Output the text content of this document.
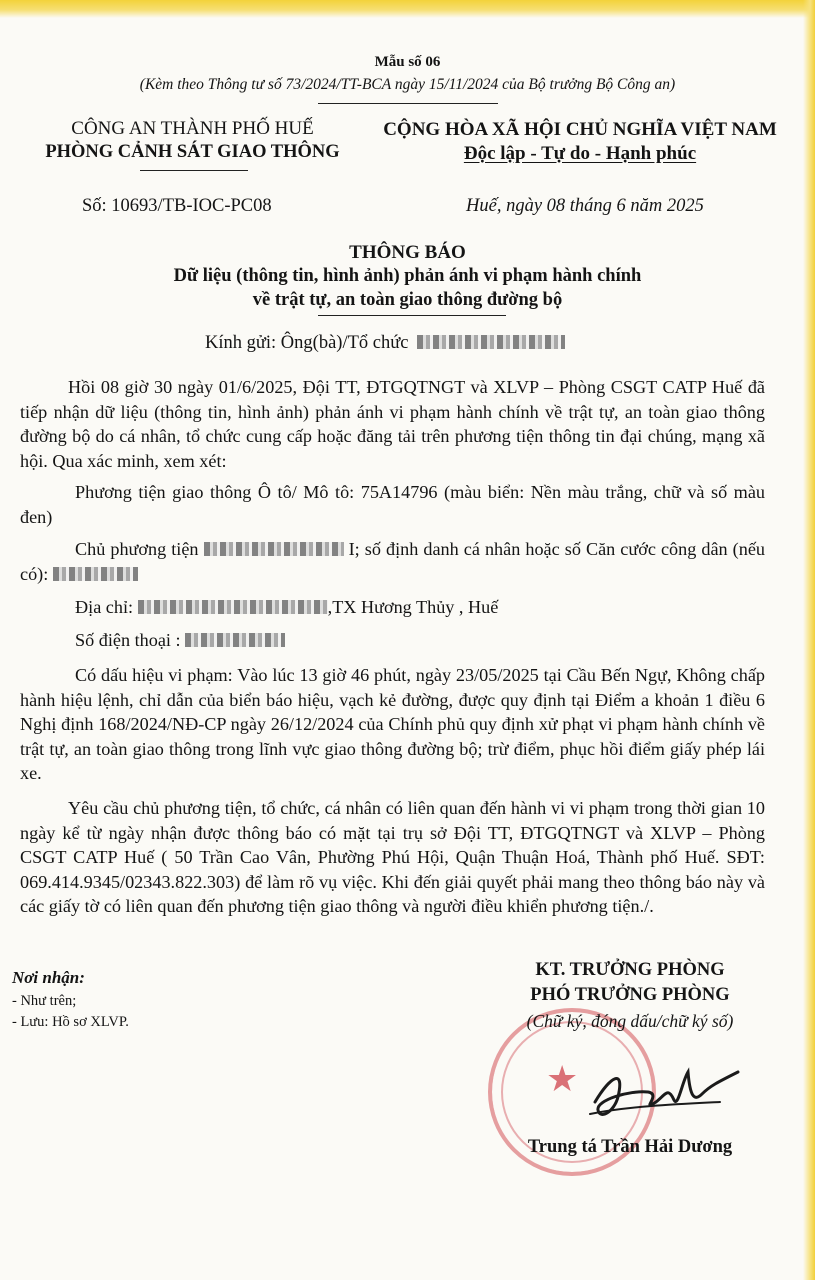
Mẫu số 06
(Kèm theo Thông tư số 73/2024/TT-BCA ngày 15/11/2024 của Bộ trưởng Bộ Công an)
CÔNG AN THÀNH PHỐ HUẾ
PHÒNG CẢNH SÁT GIAO THÔNG
CỘNG HÒA XÃ HỘI CHỦ NGHĨA VIỆT NAM
Độc lập - Tự do - Hạnh phúc
Số: 10693/TB-IOC-PC08	Huế, ngày 08 tháng 6 năm 2025
THÔNG BÁO
Dữ liệu (thông tin, hình ảnh) phản ánh vi phạm hành chính
về trật tự, an toàn giao thông đường bộ
Kính gửi: Ông(bà)/Tổ chức
Hồi 08 giờ 30 ngày 01/6/2025, Đội TT, ĐTGQTNGT và XLVP – Phòng CSGT CATP Huế đã tiếp nhận dữ liệu (thông tin, hình ảnh) phản ánh vi phạm hành chính về trật tự, an toàn giao thông đường bộ do cá nhân, tổ chức cung cấp hoặc đăng tải trên phương tiện thông tin đại chúng, mạng xã hội. Qua xác minh, xem xét:
Phương tiện giao thông Ô tô/ Mô tô: 75A14796 (màu biển: Nền màu trắng, chữ và số màu đen)
Chủ phương tiện	I; số định danh cá nhân hoặc số Căn cước công dân (nếu có):
Địa chỉ:	,TX Hương Thủy , Huế
Số điện thoại :
Có dấu hiệu vi phạm: Vào lúc 13 giờ 46 phút, ngày 23/05/2025 tại Cầu Bến Ngự, Không chấp hành hiệu lệnh, chỉ dẫn của biển báo hiệu, vạch kẻ đường, được quy định tại Điểm a khoản 1 điều 6 Nghị định 168/2024/NĐ-CP ngày 26/12/2024 của Chính phủ quy định xử phạt vi phạm hành chính về trật tự, an toàn giao thông trong lĩnh vực giao thông đường bộ; trừ điểm, phục hồi điểm giấy phép lái xe.
Yêu cầu chủ phương tiện, tổ chức, cá nhân có liên quan đến hành vi vi phạm trong thời gian 10 ngày kể từ ngày nhận được thông báo có mặt tại trụ sở Đội TT, ĐTGQTNGT và XLVP – Phòng CSGT CATP Huế ( 50 Trần Cao Vân, Phường Phú Hội, Quận Thuận Hoá, Thành phố Huế. SĐT: 069.414.9345/02343.822.303) để làm rõ vụ việc. Khi đến giải quyết phải mang theo thông báo này và các giấy tờ có liên quan đến phương tiện giao thông và người điều khiển phương tiện./.
Nơi nhận:
- Như trên;
- Lưu: Hồ sơ XLVP.
★
KT. TRƯỞNG PHÒNG
PHÓ TRƯỞNG PHÒNG
(Chữ ký, đóng dấu/chữ ký số)
Trung tá Trần Hải Dương
